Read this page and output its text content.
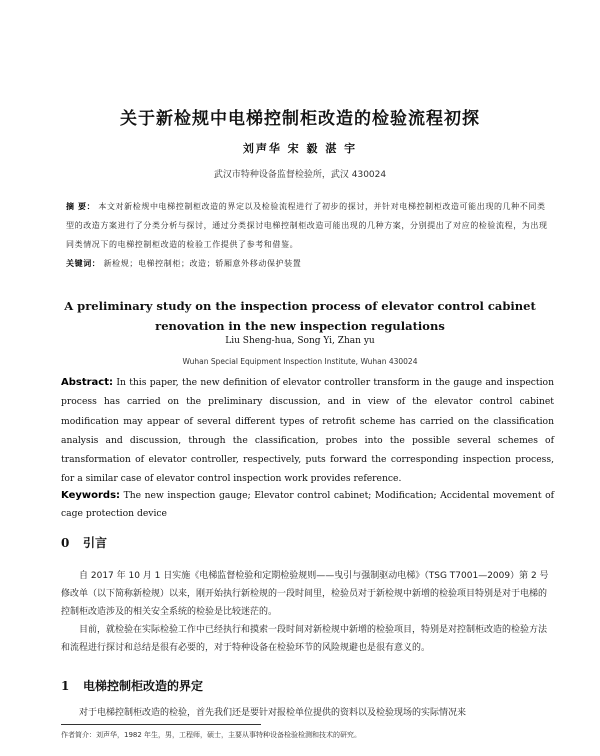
关于新检规中电梯控制柜改造的检验流程初探
刘声华 宋 毅 湛 宇
武汉市特种设备监督检验所，武汉 430024
摘 要： 本文对新检规中电梯控制柜改造的界定以及检验流程进行了初步的探讨，并针对电梯控制柜改造可能出现的几种不同类型的改造方案进行了分类分析与探讨，通过分类探讨电梯控制柜改造可能出现的几种方案，分别提出了对应的检验流程，为出现同类情况下的电梯控制柜改造的检验工作提供了参考和借鉴。
关键词： 新检规；电梯控制柜；改造；轿厢意外移动保护装置
A preliminary study on the inspection process of elevator control cabinet
renovation in the new inspection regulations
Liu Sheng-hua, Song Yi, Zhan yu
Wuhan Special Equipment Inspection Institute, Wuhan 430024
Abstract: In this paper, the new definition of elevator controller transform in the gauge and inspection process has carried on the preliminary discussion, and in view of the elevator control cabinet modification may appear of several different types of retrofit scheme has carried on the classification analysis and discussion, through the classification, probes into the possible several schemes of transformation of elevator controller, respectively, puts forward the corresponding inspection process, for a similar case of elevator control inspection work provides reference.
Keywords: The new inspection gauge; Elevator control cabinet; Modification; Accidental movement of cage protection device
0 引言

自 2017 年 10 月 1 日实施《电梯监督检验和定期检验规则——曳引与强制驱动电梯》（TSG T7001—2009）第 2 号修改单（以下简称新检规）以来，刚开始执行新检规的一段时间里，检验员对于新检规中新增的检验项目特别是对于电梯的控制柜改造涉及的相关安全系统的检验是比较迷茫的。

目前，就检验在实际检验工作中已经执行和摸索一段时间对新检规中新增的检验项目，特别是对控制柜改造的检验方法和流程进行探讨和总结是很有必要的，对于特种设备在检验环节的风险规避也是很有意义的。

1 电梯控制柜改造的界定
对于电梯控制柜改造的检验，首先我们还是要针对报检单位提供的资料以及检验现场的实际情况来
作者简介：刘声华，1982 年生，男，工程师，硕士，主要从事特种设备检验检测和技术的研究。
